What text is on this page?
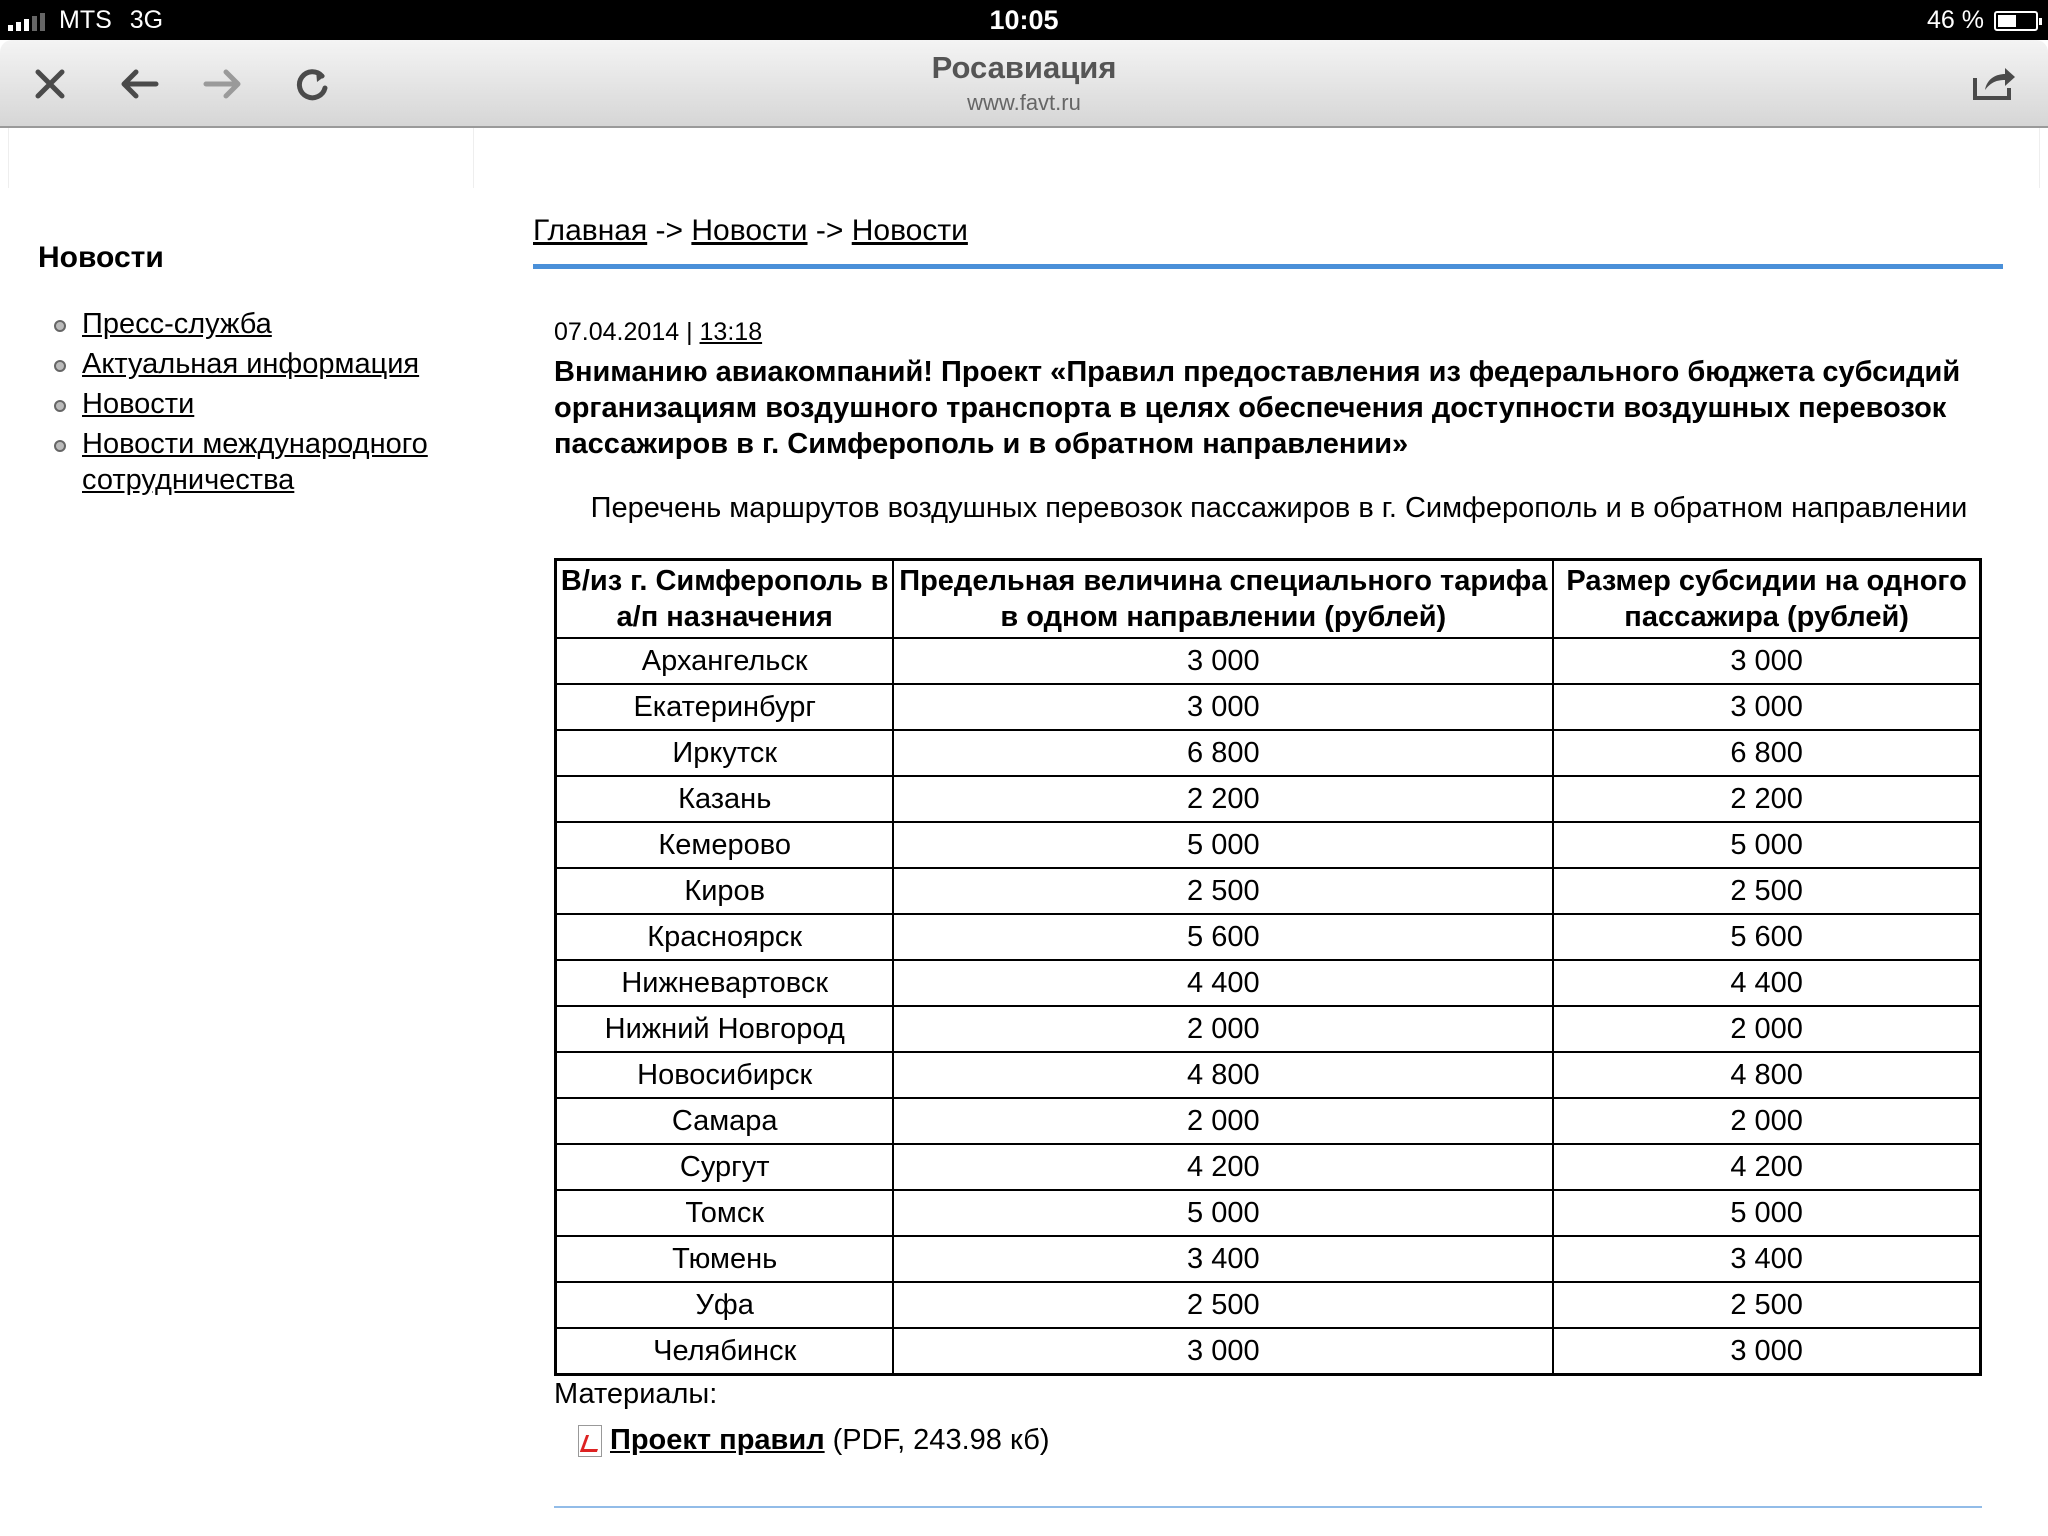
MTS 3G	10:05	46 %
Росавиация
www.favt.ru
Новости
Пресс-служба
Актуальная информация
Новости
Новости международного сотрудничества
Главная -> Новости -> Новости
07.04.2014 | 13:18
Вниманию авиакомпаний! Проект «Правил предоставления из федерального бюджета субсидий организациям воздушного транспорта в целях обеспечения доступности воздушных перевозок пассажиров в г. Симферополь и в обратном направлении»
Перечень маршрутов воздушных перевозок пассажиров в г. Симферополь и в обратном направлении
В/из г. Симферополь в а/п назначения	Предельная величина специального тарифа в одном направлении (рублей)	Размер субсидии на одного пассажира (рублей)
Архангельск	3 000	3 000
Екатеринбург	3 000	3 000
Иркутск	6 800	6 800
Казань	2 200	2 200
Кемерово	5 000	5 000
Киров	2 500	2 500
Красноярск	5 600	5 600
Нижневартовск	4 400	4 400
Нижний Новгород	2 000	2 000
Новосибирск	4 800	4 800
Самара	2 000	2 000
Сургут	4 200	4 200
Томск	5 000	5 000
Тюмень	3 400	3 400
Уфа	2 500	2 500
Челябинск	3 000	3 000
Материалы:
Проект правил (PDF, 243.98 кб)
